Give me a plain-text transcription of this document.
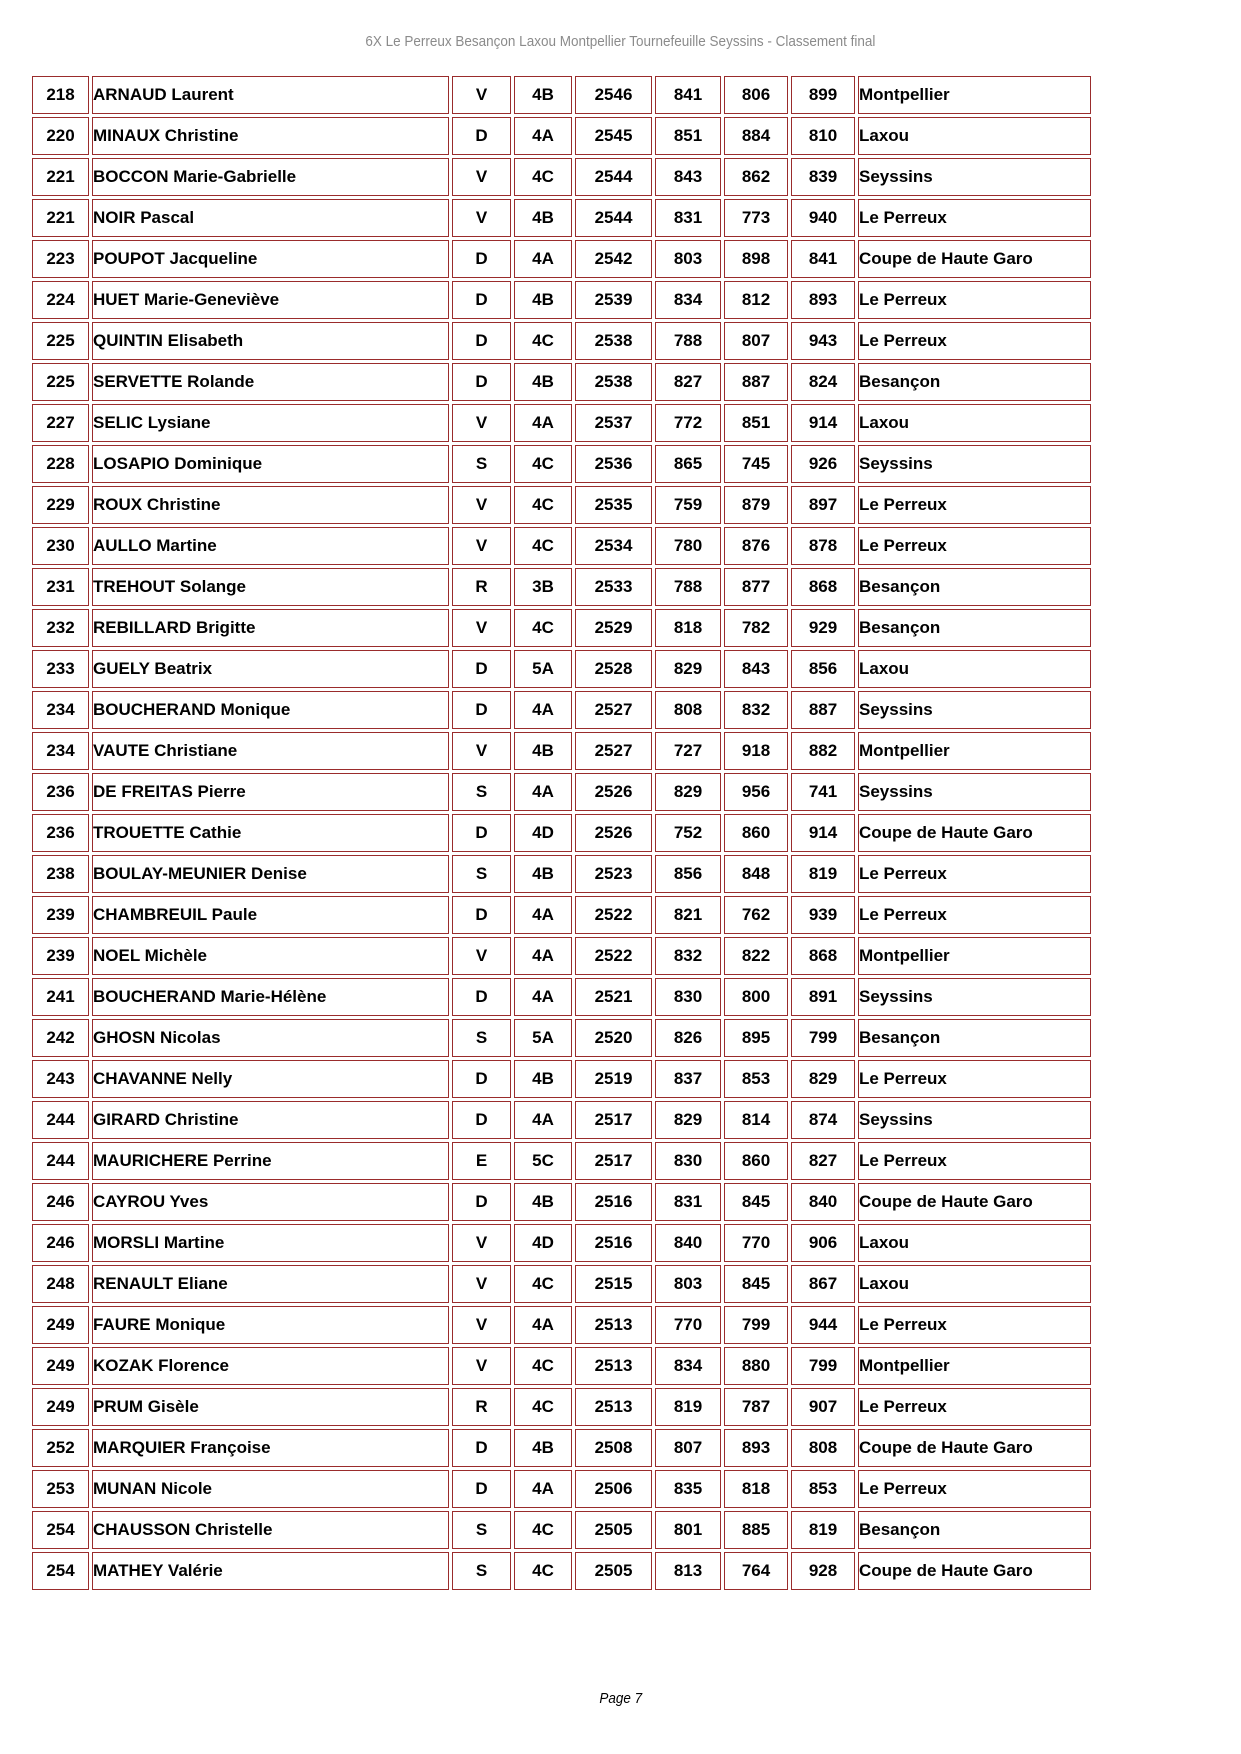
6X Le Perreux Besançon Laxou Montpellier Tournefeuille Seyssins - Classement final
218	ARNAUD Laurent	V	4B	2546	841	806	899	Montpellier
220	MINAUX Christine	D	4A	2545	851	884	810	Laxou
221	BOCCON Marie-Gabrielle	V	4C	2544	843	862	839	Seyssins
221	NOIR Pascal	V	4B	2544	831	773	940	Le Perreux
223	POUPOT Jacqueline	D	4A	2542	803	898	841	Coupe de Haute Garo
224	HUET Marie-Geneviève	D	4B	2539	834	812	893	Le Perreux
225	QUINTIN Elisabeth	D	4C	2538	788	807	943	Le Perreux
225	SERVETTE Rolande	D	4B	2538	827	887	824	Besançon
227	SELIC Lysiane	V	4A	2537	772	851	914	Laxou
228	LOSAPIO Dominique	S	4C	2536	865	745	926	Seyssins
229	ROUX Christine	V	4C	2535	759	879	897	Le Perreux
230	AULLO Martine	V	4C	2534	780	876	878	Le Perreux
231	TREHOUT Solange	R	3B	2533	788	877	868	Besançon
232	REBILLARD Brigitte	V	4C	2529	818	782	929	Besançon
233	GUELY Beatrix	D	5A	2528	829	843	856	Laxou
234	BOUCHERAND Monique	D	4A	2527	808	832	887	Seyssins
234	VAUTE Christiane	V	4B	2527	727	918	882	Montpellier
236	DE FREITAS Pierre	S	4A	2526	829	956	741	Seyssins
236	TROUETTE Cathie	D	4D	2526	752	860	914	Coupe de Haute Garo
238	BOULAY-MEUNIER Denise	S	4B	2523	856	848	819	Le Perreux
239	CHAMBREUIL Paule	D	4A	2522	821	762	939	Le Perreux
239	NOEL Michèle	V	4A	2522	832	822	868	Montpellier
241	BOUCHERAND Marie-Hélène	D	4A	2521	830	800	891	Seyssins
242	GHOSN Nicolas	S	5A	2520	826	895	799	Besançon
243	CHAVANNE Nelly	D	4B	2519	837	853	829	Le Perreux
244	GIRARD Christine	D	4A	2517	829	814	874	Seyssins
244	MAURICHERE Perrine	E	5C	2517	830	860	827	Le Perreux
246	CAYROU Yves	D	4B	2516	831	845	840	Coupe de Haute Garo
246	MORSLI Martine	V	4D	2516	840	770	906	Laxou
248	RENAULT Eliane	V	4C	2515	803	845	867	Laxou
249	FAURE Monique	V	4A	2513	770	799	944	Le Perreux
249	KOZAK Florence	V	4C	2513	834	880	799	Montpellier
249	PRUM Gisèle	R	4C	2513	819	787	907	Le Perreux
252	MARQUIER Françoise	D	4B	2508	807	893	808	Coupe de Haute Garo
253	MUNAN Nicole	D	4A	2506	835	818	853	Le Perreux
254	CHAUSSON Christelle	S	4C	2505	801	885	819	Besançon
254	MATHEY Valérie	S	4C	2505	813	764	928	Coupe de Haute Garo
Page 7
